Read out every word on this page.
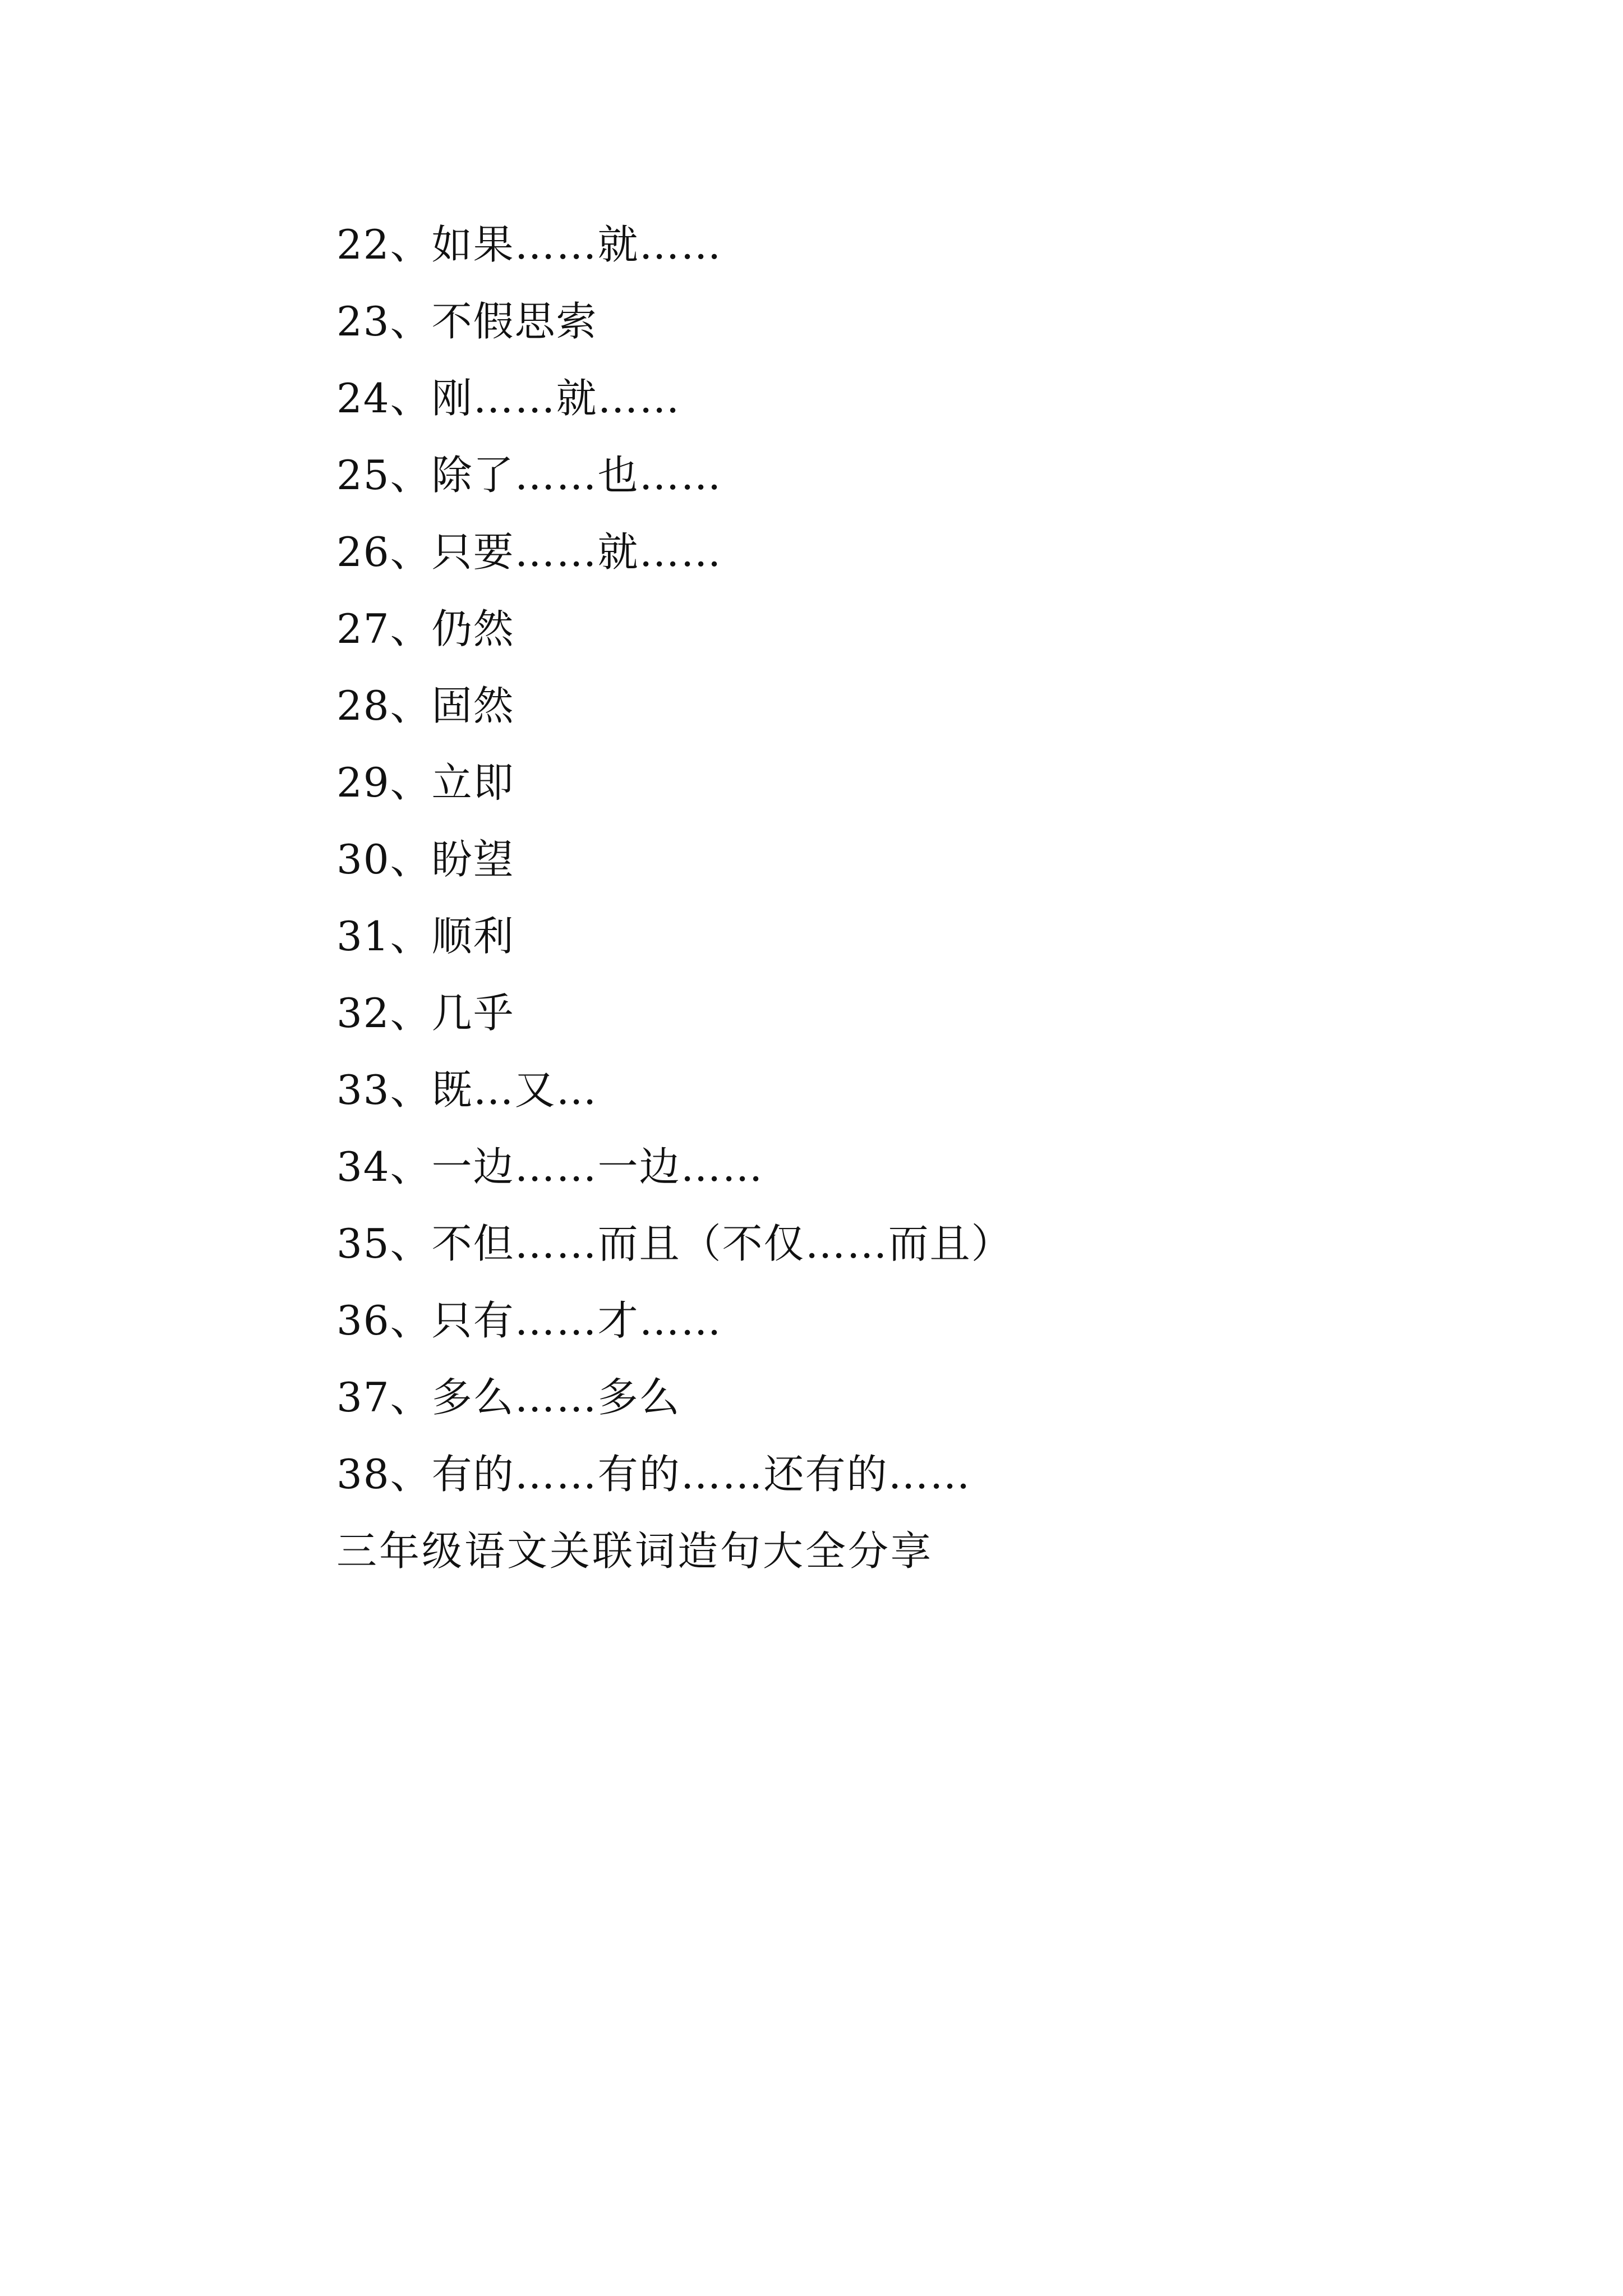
22、如果……就……
23、不假思索
24、刚……就……
25、除了……也……
26、只要……就……
27、仍然
28、固然
29、立即
30、盼望
31、顺利
32、几乎
33、既…又…
34、一边……一边……
35、不但……而且（不仅……而且）
36、只有……才……
37、多么……多么
38、有的……有的……还有的……
三年级语文关联词造句大全分享
